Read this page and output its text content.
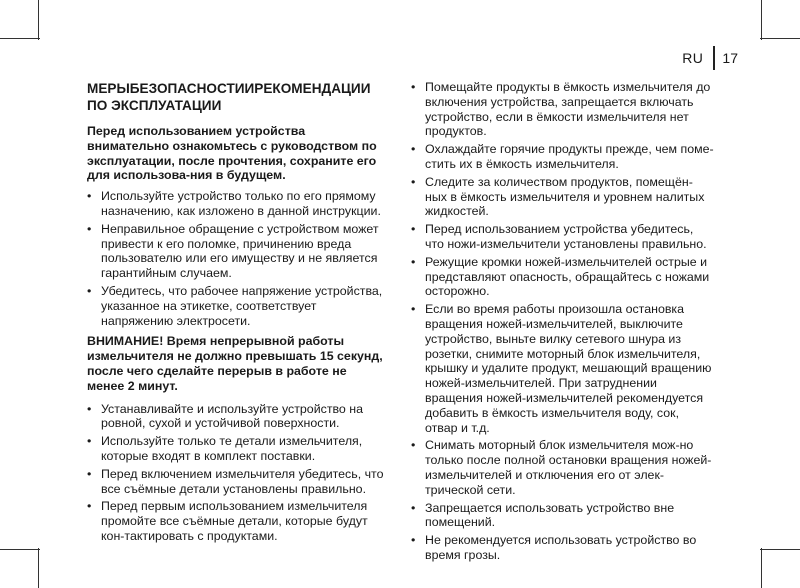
RU 17
МЕРЫБЕЗОПАСНОСТИИРЕКОМЕНДАЦИИ ПО ЭКСПЛУАТАЦИИ
Перед использованием устройства внимательно ознакомьтесь с руководством по эксплуатации, после прочтения, сохраните его для использова-ния в будущем.
• Используйте устройство только по его прямому назначению, как изложено в данной инструкции.
• Неправильное обращение с устройством может привести к его поломке, причинению вреда пользователю или его имуществу и не является гарантийным случаем.
• Убедитесь, что рабочее напряжение устройства, указанное на этикетке, соответствует напряжению электросети.
ВНИМАНИЕ! Время непрерывной работы измельчителя не должно превышать 15 секунд, после чего сделайте перерыв в работе не менее 2 минут.
• Устанавливайте и используйте устройство на ровной, сухой и устойчивой поверхности.
• Используйте только те детали измельчителя, которые входят в комплект поставки.
• Перед включением измельчителя убедитесь, что все съёмные детали установлены правильно.
• Перед первым использованием измельчителя промойте все съёмные детали, которые будут кон-тактировать с продуктами.
• Помещайте продукты в ёмкость измельчителя до включения устройства, запрещается включать устройство, если в ёмкости измельчителя нет продуктов.
• Охлаждайте горячие продукты прежде, чем поме-стить их в ёмкость измельчителя.
• Следите за количеством продуктов, помещён-ных в ёмкость измельчителя и уровнем налитых жидкостей.
• Перед использованием устройства убедитесь, что ножи-измельчители установлены правильно.
• Режущие кромки ножей-измельчителей острые и представляют опасность, обращайтесь с ножами осторожно.
• Если во время работы произошла остановка вращения ножей-измельчителей, выключите устройство, выньте вилку сетевого шнура из розетки, снимите моторный блок измельчителя, крышку и удалите продукт, мешающий вращению ножей-измельчителей. При затруднении вращения ножей-измельчителей рекомендуется добавить в ёмкость измельчителя воду, сок, отвар и т.д.
• Снимать моторный блок измельчителя мож-но только после полной остановки вращения ножей-измельчителей и отключения его от элек-трической сети.
• Запрещается использовать устройство вне помещений.
• Не рекомендуется использовать устройство во время грозы.
